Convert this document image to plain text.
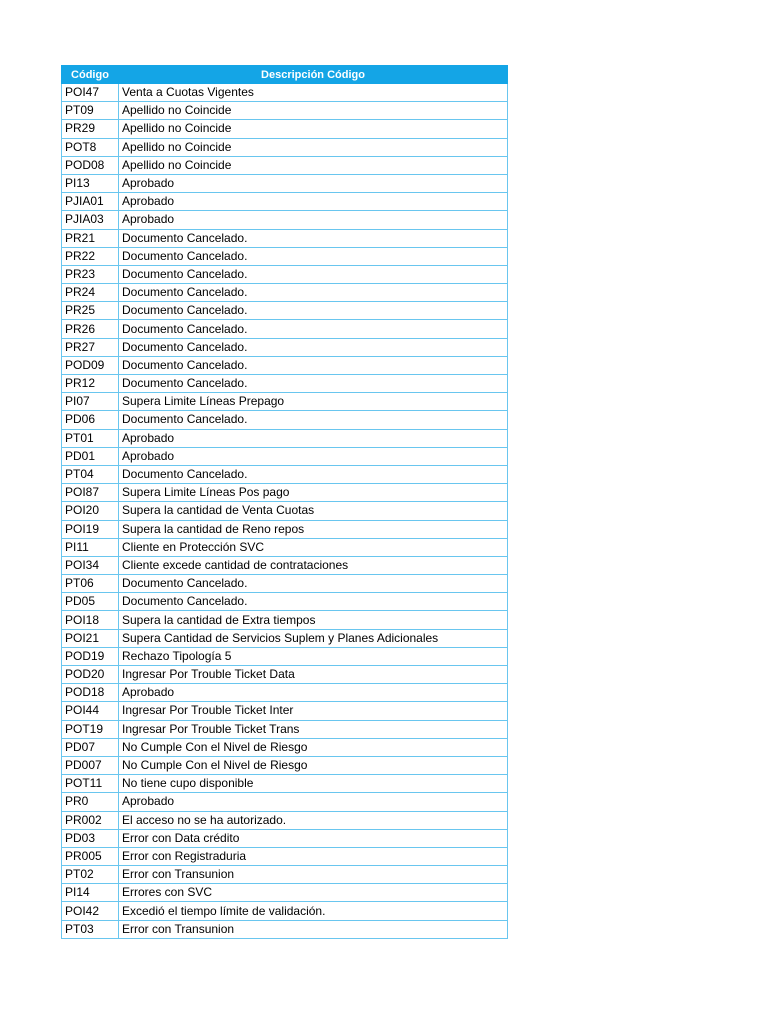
Código	Descripción Código
POI47	Venta a Cuotas Vigentes
PT09	Apellido no Coincide
PR29	Apellido no Coincide
POT8	Apellido no Coincide
POD08	Apellido no Coincide
PI13	Aprobado
PJIA01	Aprobado
PJIA03	Aprobado
PR21	Documento Cancelado.
PR22	Documento Cancelado.
PR23	Documento Cancelado.
PR24	Documento Cancelado.
PR25	Documento Cancelado.
PR26	Documento Cancelado.
PR27	Documento Cancelado.
POD09	Documento Cancelado.
PR12	Documento Cancelado.
PI07	Supera Limite Líneas Prepago
PD06	Documento Cancelado.
PT01	Aprobado
PD01	Aprobado
PT04	Documento Cancelado.
POI87	Supera Limite Líneas Pos pago
POI20	Supera la cantidad de Venta Cuotas
POI19	Supera la cantidad de Reno repos
PI11	Cliente en Protección SVC
POI34	Cliente excede cantidad de contrataciones
PT06	Documento Cancelado.
PD05	Documento Cancelado.
POI18	Supera la cantidad de Extra tiempos
POI21	Supera Cantidad de Servicios Suplem y Planes Adicionales
POD19	Rechazo Tipología 5
POD20	Ingresar Por Trouble Ticket Data
POD18	Aprobado
POI44	Ingresar Por Trouble Ticket Inter
POT19	Ingresar Por Trouble Ticket Trans
PD07	No Cumple Con el Nivel de Riesgo
PD007	No Cumple Con el Nivel de Riesgo
POT11	No tiene cupo disponible
PR0	Aprobado
PR002	El acceso no se ha autorizado.
PD03	Error con Data crédito
PR005	Error con Registraduria
PT02	Error con Transunion
PI14	Errores con SVC
POI42	Excedió el tiempo límite de validación.
PT03	Error con Transunion
